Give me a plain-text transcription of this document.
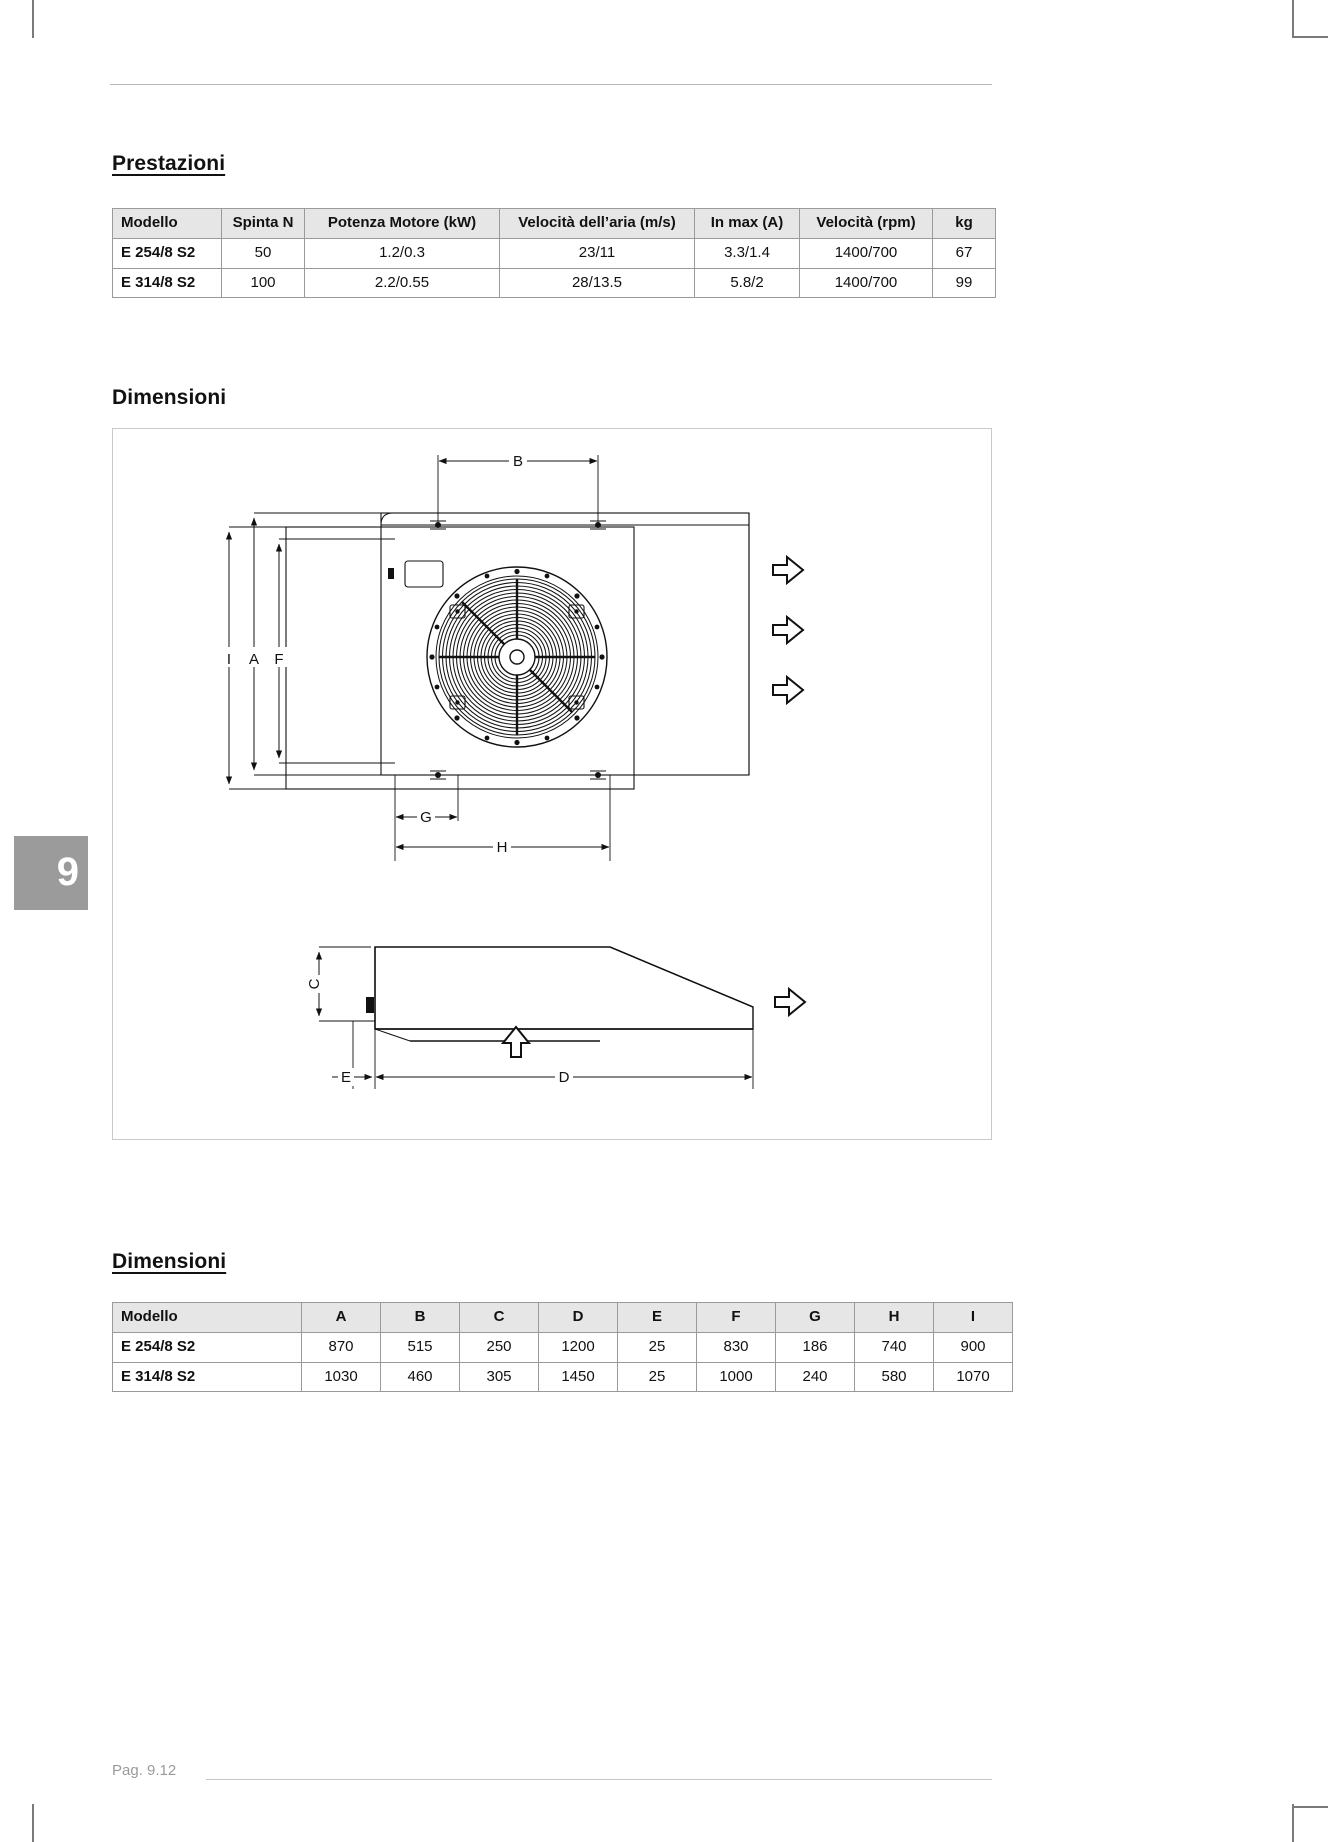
Prestazioni
Modello	Spinta N	Potenza Motore (kW)	Velocità dell’aria (m/s)	In max (A)	Velocità (rpm)	kg
E 254/8 S2	50	1.2/0.3	23/11	3.3/1.4	1400/700	67
E 314/8 S2	100	2.2/0.55	28/13.5	5.8/2	1400/700	99
Dimensioni
B
I A F
G
H
C
E	D
9
Dimensioni
Modello	A	B	C	D	E	F	G	H	I
E 254/8 S2	870	515	250	1200	25	830	186	740	900
E 314/8 S2	1030	460	305	1450	25	1000	240	580	1070
Pag. 9.12
